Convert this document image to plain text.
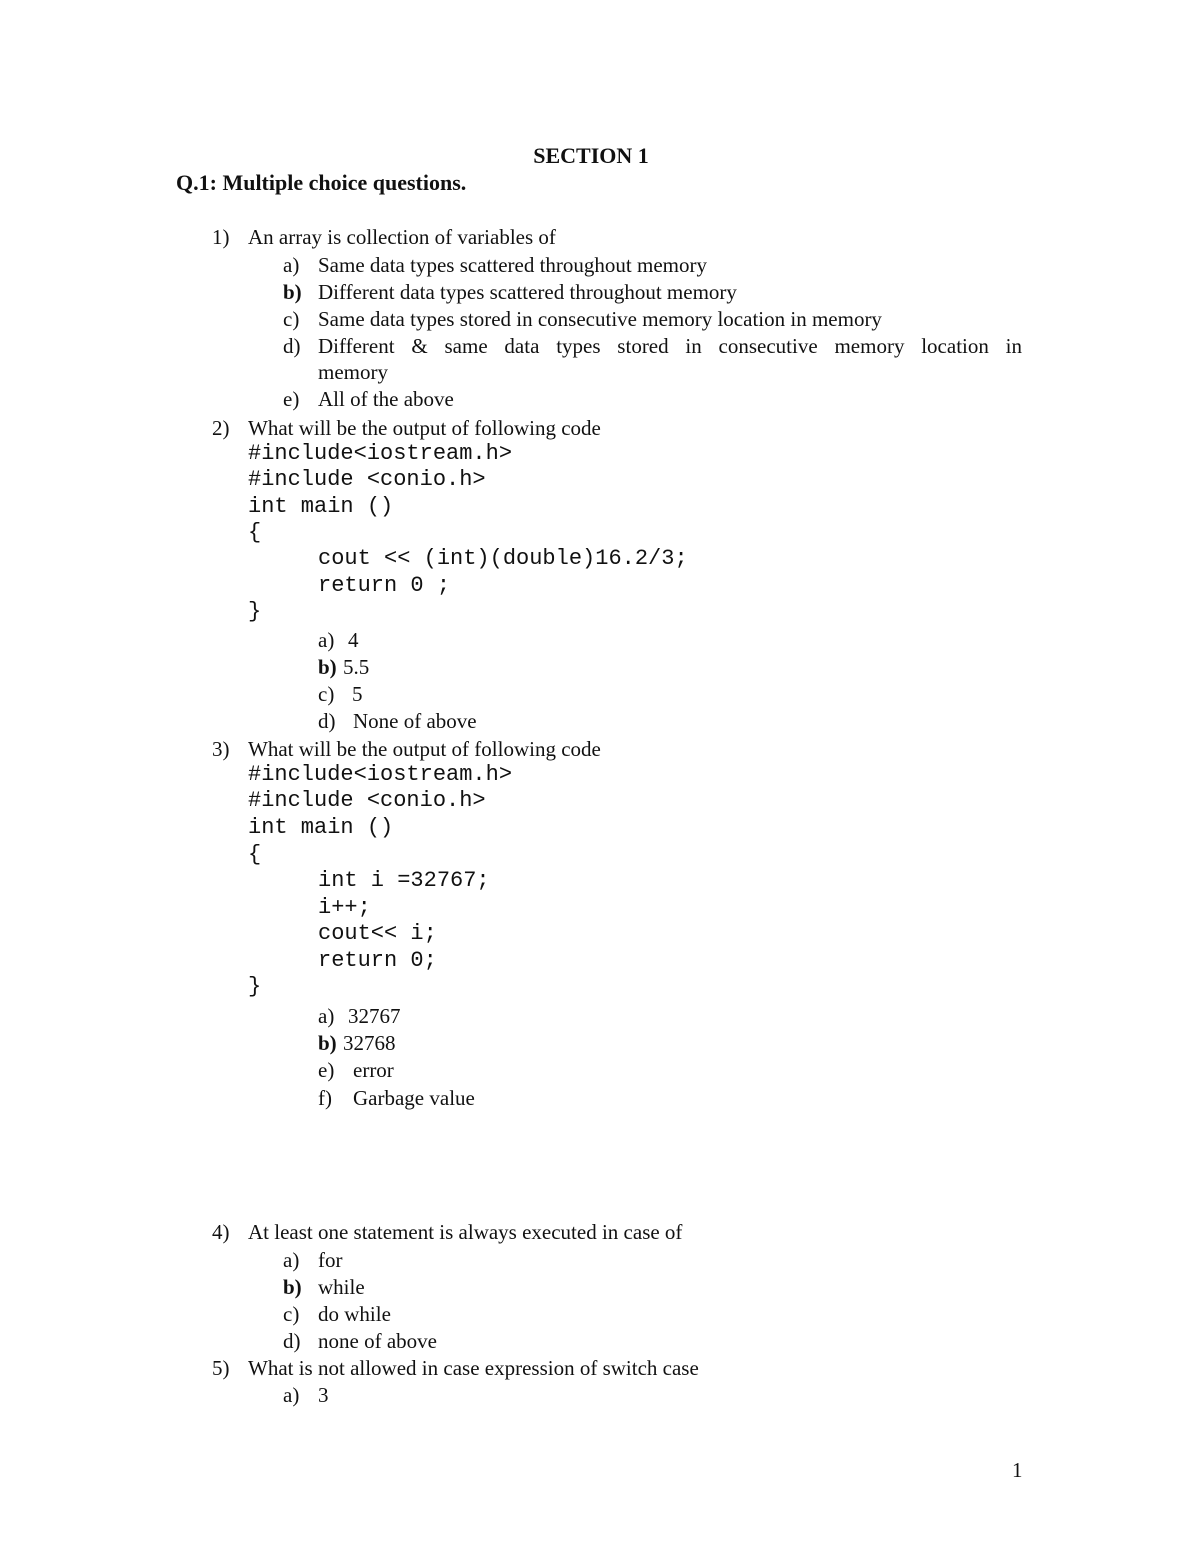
SECTION 1
Q.1: Multiple choice questions.
1) An array is collection of variables of
a) Same data types scattered throughout memory
b) Different data types scattered throughout memory
c) Same data types stored in consecutive memory location in memory
d) Different & same data types stored in consecutive memory location in
memory
e) All of the above
2) What will be the output of following code
#include<iostream.h>
#include <conio.h>
int main ()
{
cout << (int)(double)16.2/3;
return 0 ;
}
a) 4
b) 5.5
c) 5
d) None of above
3) What will be the output of following code
#include<iostream.h>
#include <conio.h>
int main ()
{
int i =32767;
i++;
cout<< i;
return 0;
}
a) 32767
b) 32768
e) error
f) Garbage value
4) At least one statement is always executed in case of
a) for
b) while
c) do while
d) none of above
5) What is not allowed in case expression of switch case
a) 3
1
